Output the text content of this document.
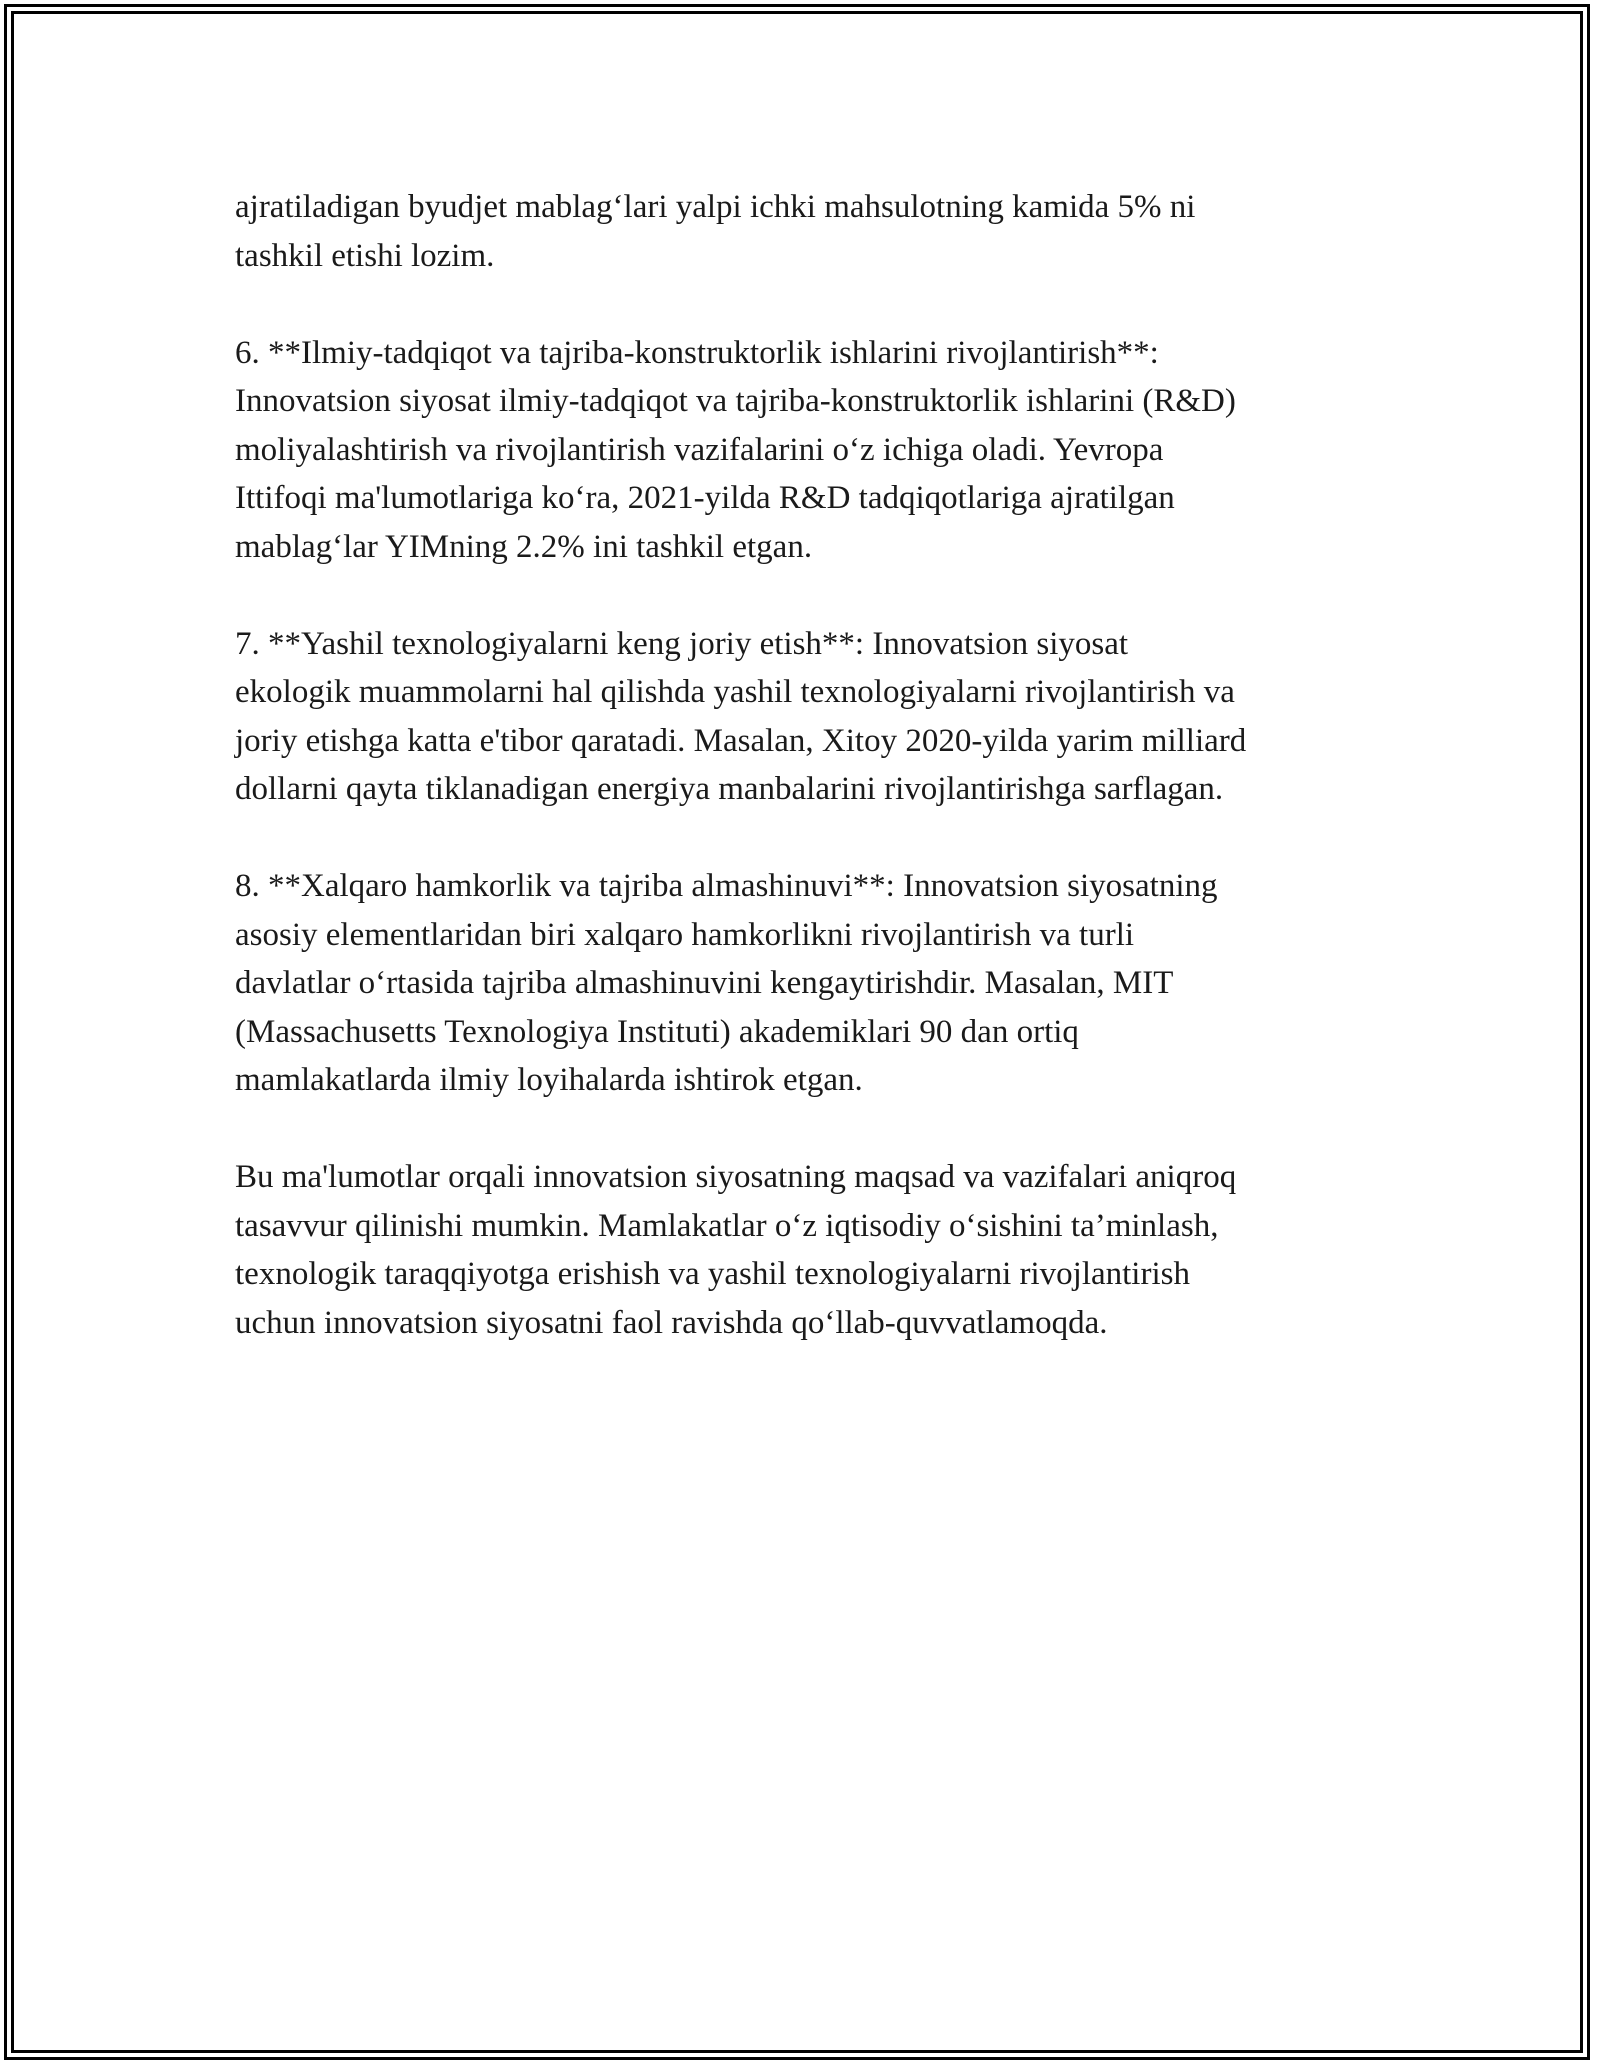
ajratiladigan byudjet mablag‘lari yalpi ichki mahsulotning kamida 5% ni
tashkil etishi lozim.

6. **Ilmiy-tadqiqot va tajriba-konstruktorlik ishlarini rivojlantirish**:
Innovatsion siyosat ilmiy-tadqiqot va tajriba-konstruktorlik ishlarini (R&D)
moliyalashtirish va rivojlantirish vazifalarini o‘z ichiga oladi. Yevropa
Ittifoqi ma'lumotlariga ko‘ra, 2021-yilda R&D tadqiqotlariga ajratilgan
mablag‘lar YIMning 2.2% ini tashkil etgan.

7. **Yashil texnologiyalarni keng joriy etish**: Innovatsion siyosat
ekologik muammolarni hal qilishda yashil texnologiyalarni rivojlantirish va
joriy etishga katta e'tibor qaratadi. Masalan, Xitoy 2020-yilda yarim milliard
dollarni qayta tiklanadigan energiya manbalarini rivojlantirishga sarflagan.

8. **Xalqaro hamkorlik va tajriba almashinuvi**: Innovatsion siyosatning
asosiy elementlaridan biri xalqaro hamkorlikni rivojlantirish va turli
davlatlar o‘rtasida tajriba almashinuvini kengaytirishdir. Masalan, MIT
(Massachusetts Texnologiya Instituti) akademiklari 90 dan ortiq
mamlakatlarda ilmiy loyihalarda ishtirok etgan.

Bu ma'lumotlar orqali innovatsion siyosatning maqsad va vazifalari aniqroq
tasavvur qilinishi mumkin. Mamlakatlar o‘z iqtisodiy o‘sishini ta’minlash,
texnologik taraqqiyotga erishish va yashil texnologiyalarni rivojlantirish
uchun innovatsion siyosatni faol ravishda qo‘llab-quvvatlamoqda.
